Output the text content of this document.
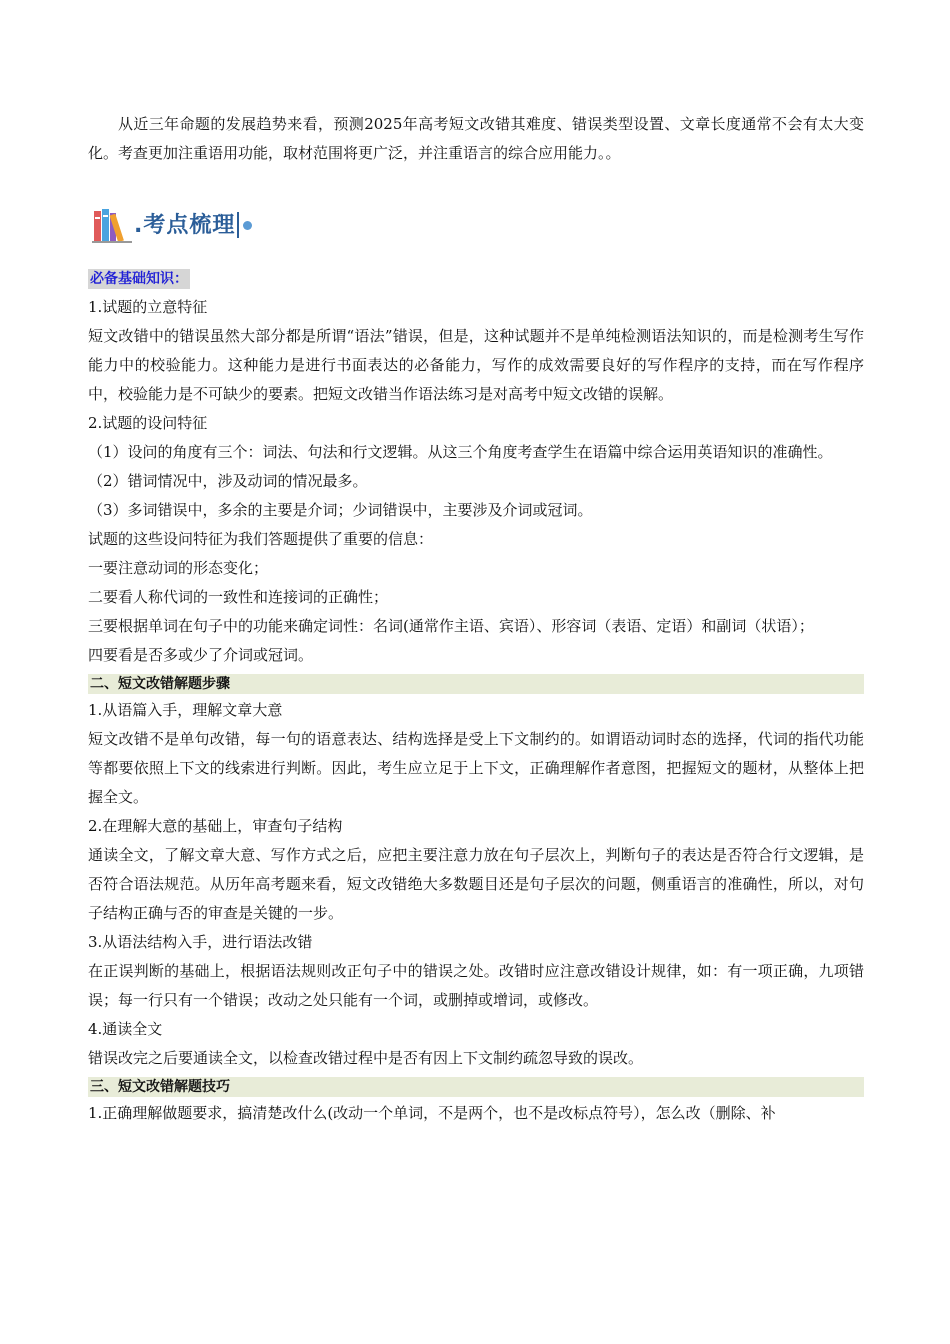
从近三年命题的发展趋势来看，预测2025年高考短文改错其难度、错误类型设置、文章长度通常不会有太大变化。考查更加注重语用功能，取材范围将更广泛，并注重语言的综合应用能力。。

.考点梳理
必备基础知识：

1.试题的立意特征

短文改错中的错误虽然大部分都是所谓“语法”错误，但是，这种试题并不是单纯检测语法知识的，而是检测考生写作能力中的校验能力。这种能力是进行书面表达的必备能力，写作的成效需要良好的写作程序的支持，而在写作程序中，校验能力是不可缺少的要素。把短文改错当作语法练习是对高考中短文改错的误解。

2.试题的设问特征

（1）设问的角度有三个：词法、句法和行文逻辑。从这三个角度考查学生在语篇中综合运用英语知识的准确性。

（2）错词情况中，涉及动词的情况最多。

（3）多词错误中，多余的主要是介词；少词错误中，主要涉及介词或冠词。

试题的这些设问特征为我们答题提供了重要的信息：

一要注意动词的形态变化；

二要看人称代词的一致性和连接词的正确性；

三要根据单词在句子中的功能来确定词性：名词(通常作主语、宾语）、形容词（表语、定语）和副词（状语）；

四要看是否多或少了介词或冠词。

二、短文改错解题步骤

1.从语篇入手，理解文章大意

短文改错不是单句改错，每一句的语意表达、结构选择是受上下文制约的。如谓语动词时态的选择，代词的指代功能等都要依照上下文的线索进行判断。因此，考生应立足于上下文，正确理解作者意图，把握短文的题材，从整体上把握全文。

2.在理解大意的基础上，审查句子结构

通读全文，了解文章大意、写作方式之后，应把主要注意力放在句子层次上，判断句子的表达是否符合行文逻辑，是否符合语法规范。从历年高考题来看，短文改错绝大多数题目还是句子层次的问题，侧重语言的准确性，所以，对句子结构正确与否的审查是关键的一步。

3.从语法结构入手，进行语法改错

在正误判断的基础上，根据语法规则改正句子中的错误之处。改错时应注意改错设计规律，如：有一项正确，九项错误；每一行只有一个错误；改动之处只能有一个词，或删掉或增词，或修改。

4.通读全文

错误改完之后要通读全文，以检查改错过程中是否有因上下文制约疏忽导致的误改。

三、短文改错解题技巧

1.正确理解做题要求，搞清楚改什么(改动一个单词，不是两个，也不是改标点符号），怎么改（删除、补
